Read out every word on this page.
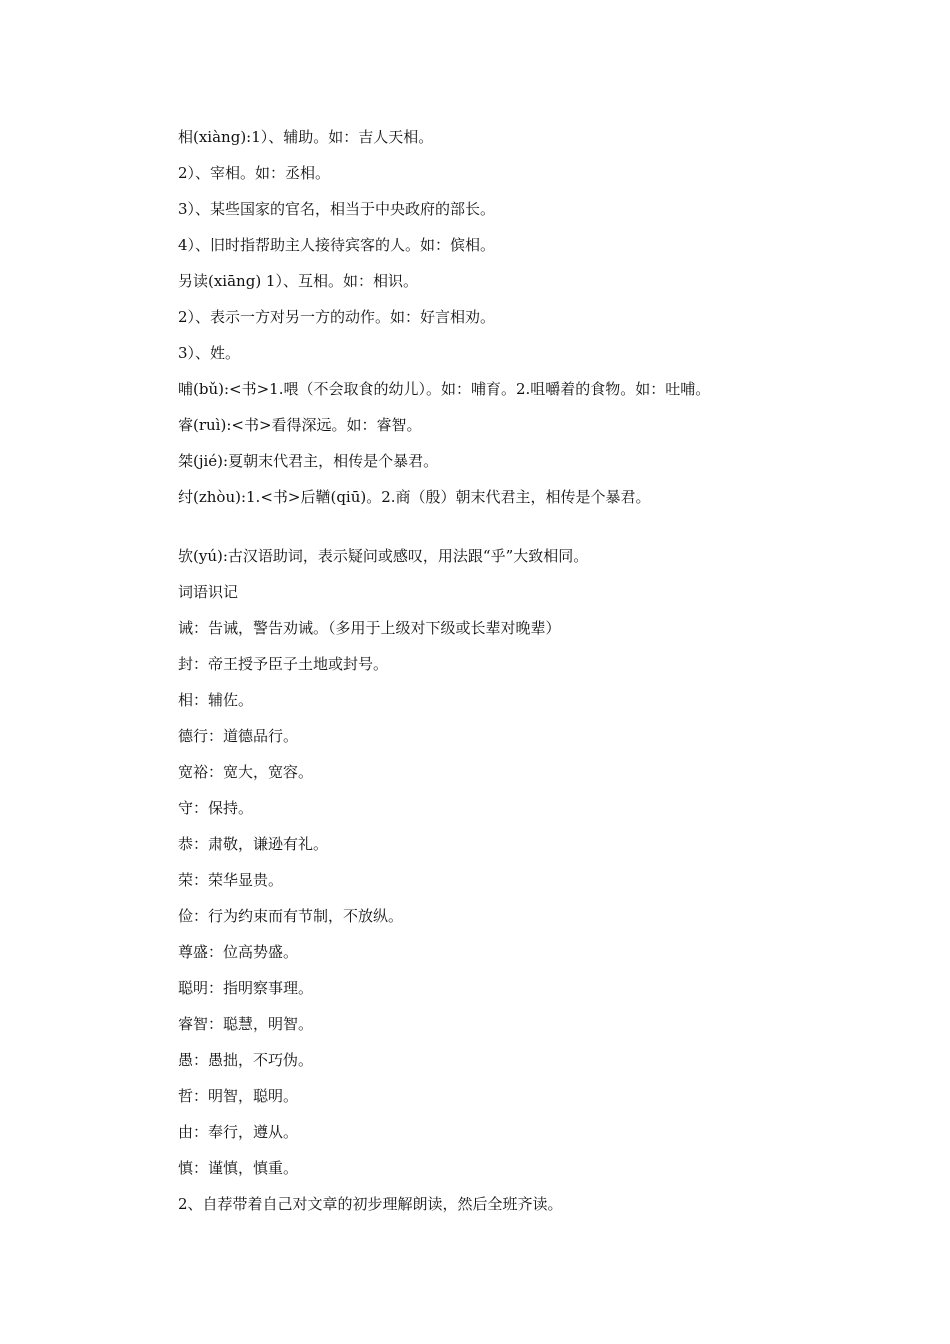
相(xiàng):1）、辅助。如：吉人天相。

2）、宰相。如：丞相。

3）、某些国家的官名，相当于中央政府的部长。

4）、旧时指帮助主人接待宾客的人。如：傧相。

另读(xiāng) 1）、互相。如：相识。

2）、表示一方对另一方的动作。如：好言相劝。

3）、姓。

哺(bǔ):<书>1.喂（不会取食的幼儿）。如：哺育。2.咀嚼着的食物。如：吐哺。

睿(ruì):<书>看得深远。如：睿智。

桀(jié):夏朝末代君主，相传是个暴君。

纣(zhòu):1.<书>后鞧(qiū)。2.商（殷）朝末代君主，相传是个暴君。

欤(yú):古汉语助词，表示疑问或感叹，用法跟“乎”大致相同。

词语识记

诫：告诫，警告劝诫。（多用于上级对下级或长辈对晚辈）

封：帝王授予臣子土地或封号。

相：辅佐。

德行：道德品行。

宽裕：宽大，宽容。

守：保持。

恭：肃敬，谦逊有礼。

荣：荣华显贵。

俭：行为约束而有节制，不放纵。

尊盛：位高势盛。

聪明：指明察事理。

睿智：聪慧，明智。

愚：愚拙，不巧伪。

哲：明智，聪明。

由：奉行，遵从。

慎：谨慎，慎重。

2、自荐带着自己对文章的初步理解朗读，然后全班齐读。
